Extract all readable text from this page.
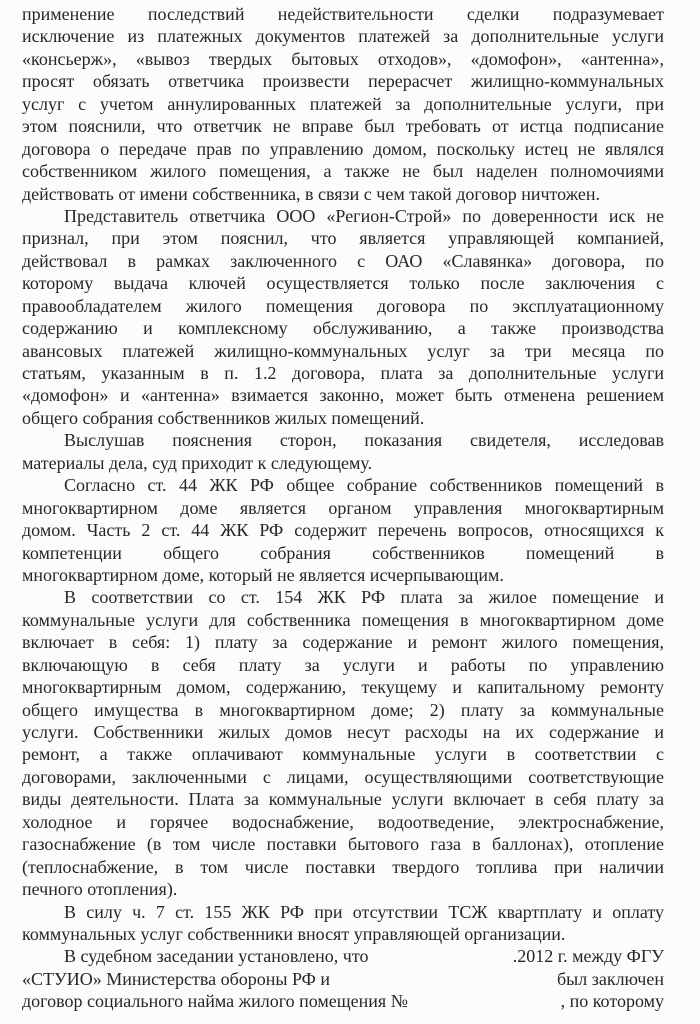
применение последствий недействительности сделки подразумевает
исключение из платежных документов платежей за дополнительные услуги
«консьерж», «вывоз твердых бытовых отходов», «домофон», «антенна»,
просят обязать ответчика произвести перерасчет жилищно-коммунальных
услуг с учетом аннулированных платежей за дополнительные услуги, при
этом пояснили, что ответчик не вправе был требовать от истца подписание
договора о передаче прав по управлению домом, поскольку истец не являлся
собственником жилого помещения, а также не был наделен полномочиями
действовать от имени собственника, в связи с чем такой договор ничтожен.
Представитель ответчика ООО «Регион-Строй» по доверенности иск не
признал, при этом пояснил, что является управляющей компанией,
действовал в рамках заключенного с ОАО «Славянка» договора, по
которому выдача ключей осуществляется только после заключения с
правообладателем жилого помещения договора по эксплуатационному
содержанию и комплексному обслуживанию, а также производства
авансовых платежей жилищно-коммунальных услуг за три месяца по
статьям, указанным в п. 1.2 договора, плата за дополнительные услуги
«домофон» и «антенна» взимается законно, может быть отменена решением
общего собрания собственников жилых помещений.
Выслушав пояснения сторон, показания свидетеля, исследовав
материалы дела, суд приходит к следующему.
Согласно ст. 44 ЖК РФ общее собрание собственников помещений в
многоквартирном доме является органом управления многоквартирным
домом. Часть 2 ст. 44 ЖК РФ содержит перечень вопросов, относящихся к
компетенции общего собрания собственников помещений в
многоквартирном доме, который не является исчерпывающим.
В соответствии со ст. 154 ЖК РФ плата за жилое помещение и
коммунальные услуги для собственника помещения в многоквартирном доме
включает в себя: 1) плату за содержание и ремонт жилого помещения,
включающую в себя плату за услуги и работы по управлению
многоквартирным домом, содержанию, текущему и капитальному ремонту
общего имущества в многоквартирном доме; 2) плату за коммунальные
услуги. Собственники жилых домов несут расходы на их содержание и
ремонт, а также оплачивают коммунальные услуги в соответствии с
договорами, заключенными с лицами, осуществляющими соответствующие
виды деятельности. Плата за коммунальные услуги включает в себя плату за
холодное и горячее водоснабжение, водоотведение, электроснабжение,
газоснабжение (в том числе поставки бытового газа в баллонах), отопление
(теплоснабжение, в том числе поставки твердого топлива при наличии
печного отопления).
В силу ч. 7 ст. 155 ЖК РФ при отсутствии ТСЖ квартплату и оплату
коммунальных услуг собственники вносят управляющей организации.
В судебном заседании установлено, что	.2012 г. между ФГУ
«СТУИО» Министерства обороны РФ и	был заключен
договор социального найма жилого помещения №	, по которому
